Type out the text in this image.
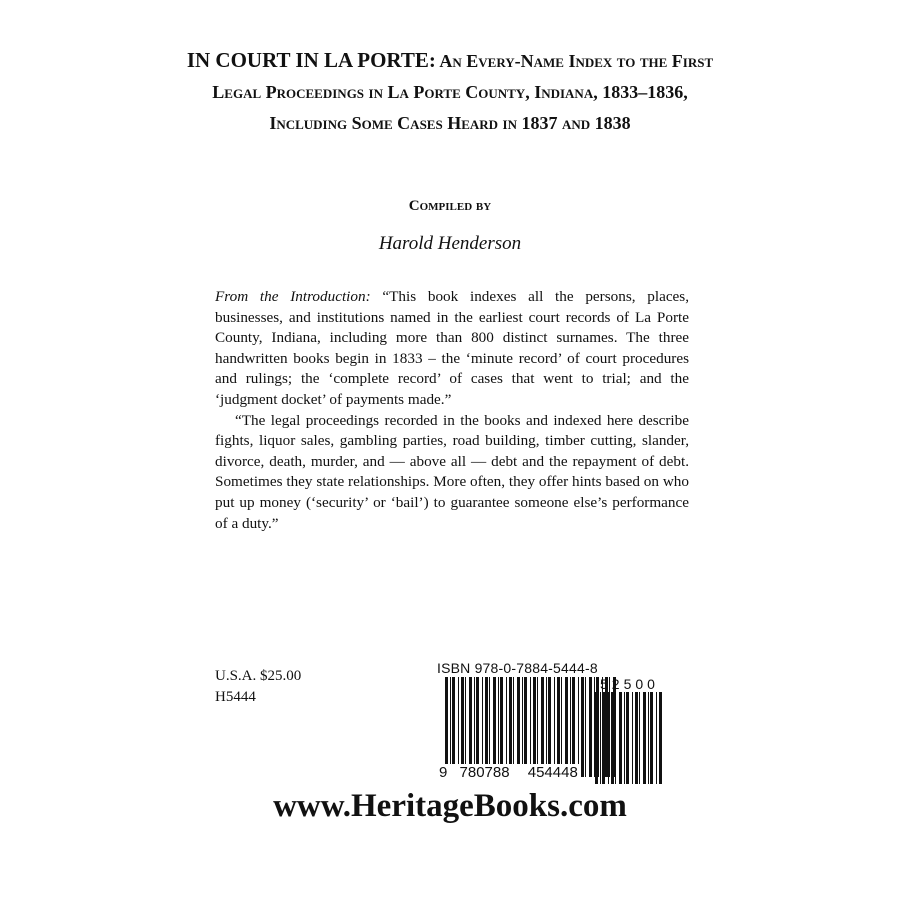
IN COURT IN LA PORTE: An Every-Name Index to the First Legal Proceedings in La Porte County, Indiana, 1833–1836, Including Some Cases Heard in 1837 and 1838
Compiled by
Harold Henderson

From the Introduction: “This book indexes all the persons, places, businesses, and institutions named in the earliest court records of La Porte County, Indiana, including more than 800 distinct surnames. The three handwritten books begin in 1833 – the ‘minute record’ of court procedures and rulings; the ‘complete record’ of cases that went to trial; and the ‘judgment docket’ of payments made.”

“The legal proceedings recorded in the books and indexed here describe fights, liquor sales, gambling parties, road building, timber cutting, slander, divorce, death, murder, and — above all — debt and the repayment of debt. Sometimes they state relationships. More often, they offer hints based on who put up money (‘security’ or ‘bail’) to guarantee someone else’s performance of a duty.”

U.S.A. $25.00
H5444
ISBN 978-0-7884-5444-8
52500
9 780788 454448
www.HeritageBooks.com
